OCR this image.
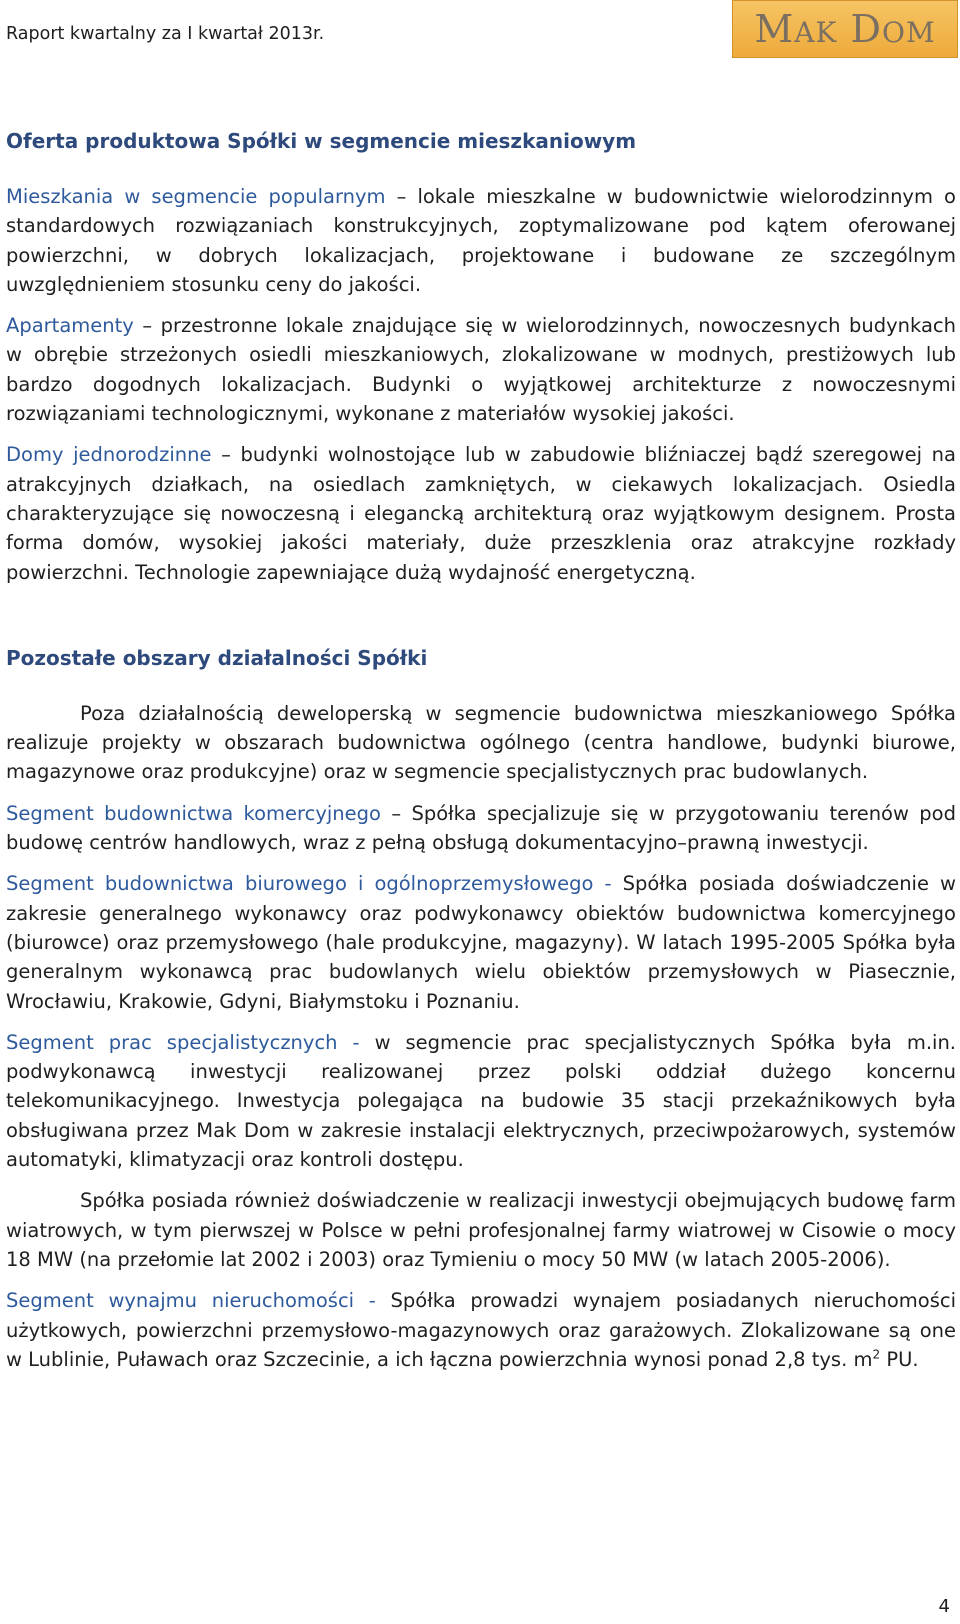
Raport kwartalny za I kwartał 2013r.	MAK DOM
Oferta produktowa Spółki w segmencie mieszkaniowym

Mieszkania w segmencie popularnym – lokale mieszkalne w budownictwie wielorodzinnym o standardowych rozwiązaniach konstrukcyjnych, zoptymalizowane pod kątem oferowanej powierzchni, w dobrych lokalizacjach, projektowane i budowane ze szczególnym uwzględnieniem stosunku ceny do jakości.

Apartamenty – przestronne lokale znajdujące się w wielorodzinnych, nowoczesnych budynkach w obrębie strzeżonych osiedli mieszkaniowych, zlokalizowane w modnych, prestiżowych lub bardzo dogodnych lokalizacjach. Budynki o wyjątkowej architekturze z nowoczesnymi rozwiązaniami technologicznymi, wykonane z materiałów wysokiej jakości.

Domy jednorodzinne – budynki wolnostojące lub w zabudowie bliźniaczej bądź szeregowej na atrakcyjnych działkach, na osiedlach zamkniętych, w ciekawych lokalizacjach. Osiedla charakteryzujące się nowoczesną i elegancką architekturą oraz wyjątkowym designem. Prosta forma domów, wysokiej jakości materiały, duże przeszklenia oraz atrakcyjne rozkłady powierzchni. Technologie zapewniające dużą wydajność energetyczną.

Pozostałe obszary działalności Spółki

Poza działalnością deweloperską w segmencie budownictwa mieszkaniowego Spółka realizuje projekty w obszarach budownictwa ogólnego (centra handlowe, budynki biurowe, magazynowe oraz produkcyjne) oraz w segmencie specjalistycznych prac budowlanych.

Segment budownictwa komercyjnego – Spółka specjalizuje się w przygotowaniu terenów pod budowę centrów handlowych, wraz z pełną obsługą dokumentacyjno–prawną inwestycji.

Segment budownictwa biurowego i ogólnoprzemysłowego - Spółka posiada doświadczenie w zakresie generalnego wykonawcy oraz podwykonawcy obiektów budownictwa komercyjnego (biurowce) oraz przemysłowego (hale produkcyjne, magazyny). W latach 1995-2005 Spółka była generalnym wykonawcą prac budowlanych wielu obiektów przemysłowych w Piasecznie, Wrocławiu, Krakowie, Gdyni, Białymstoku i Poznaniu.

Segment prac specjalistycznych - w segmencie prac specjalistycznych Spółka była m.in. podwykonawcą inwestycji realizowanej przez polski oddział dużego koncernu telekomunikacyjnego. Inwestycja polegająca na budowie 35 stacji przekaźnikowych była obsługiwana przez Mak Dom w zakresie instalacji elektrycznych, przeciwpożarowych, systemów automatyki, klimatyzacji oraz kontroli dostępu.

Spółka posiada również doświadczenie w realizacji inwestycji obejmujących budowę farm wiatrowych, w tym pierwszej w Polsce w pełni profesjonalnej farmy wiatrowej w Cisowie o mocy 18 MW (na przełomie lat 2002 i 2003) oraz Tymieniu o mocy 50 MW (w latach 2005-2006).

Segment wynajmu nieruchomości - Spółka prowadzi wynajem posiadanych nieruchomości użytkowych, powierzchni przemysłowo-magazynowych oraz garażowych. Zlokalizowane są one w Lublinie, Puławach oraz Szczecinie, a ich łączna powierzchnia wynosi ponad 2,8 tys. $m^2$ PU.

4
